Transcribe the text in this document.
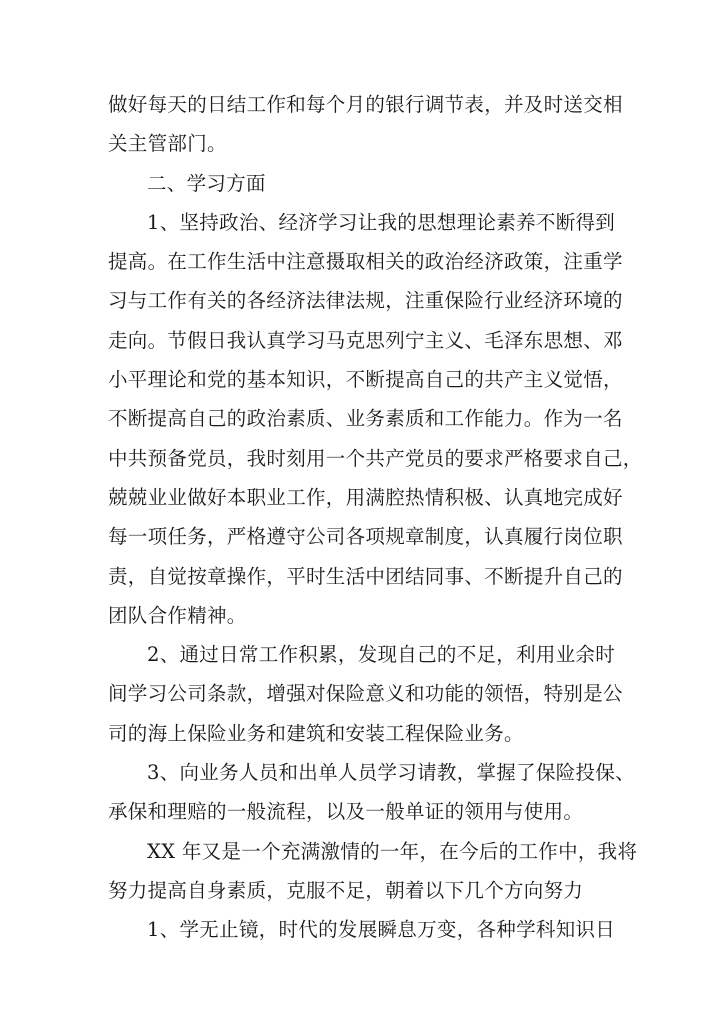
做好每天的日结工作和每个月的银行调节表，并及时送交相
关主管部门。
二、学习方面
1、坚持政治、经济学习让我的思想理论素养不断得到
提高。在工作生活中注意摄取相关的政治经济政策，注重学
习与工作有关的各经济法律法规，注重保险行业经济环境的
走向。节假日我认真学习马克思列宁主义、毛泽东思想、邓
小平理论和党的基本知识，不断提高自己的共产主义觉悟，
不断提高自己的政治素质、业务素质和工作能力。作为一名
中共预备党员，我时刻用一个共产党员的要求严格要求自己，
兢兢业业做好本职业工作，用满腔热情积极、认真地完成好
每一项任务，严格遵守公司各项规章制度，认真履行岗位职
责，自觉按章操作，平时生活中团结同事、不断提升自己的
团队合作精神。
2、通过日常工作积累，发现自己的不足，利用业余时
间学习公司条款，增强对保险意义和功能的领悟，特别是公
司的海上保险业务和建筑和安装工程保险业务。
3、向业务人员和出单人员学习请教，掌握了保险投保、
承保和理赔的一般流程，以及一般单证的领用与使用。
XX 年又是一个充满激情的一年，在今后的工作中，我将
努力提高自身素质，克服不足，朝着以下几个方向努力
1、学无止镜，时代的发展瞬息万变，各种学科知识日
